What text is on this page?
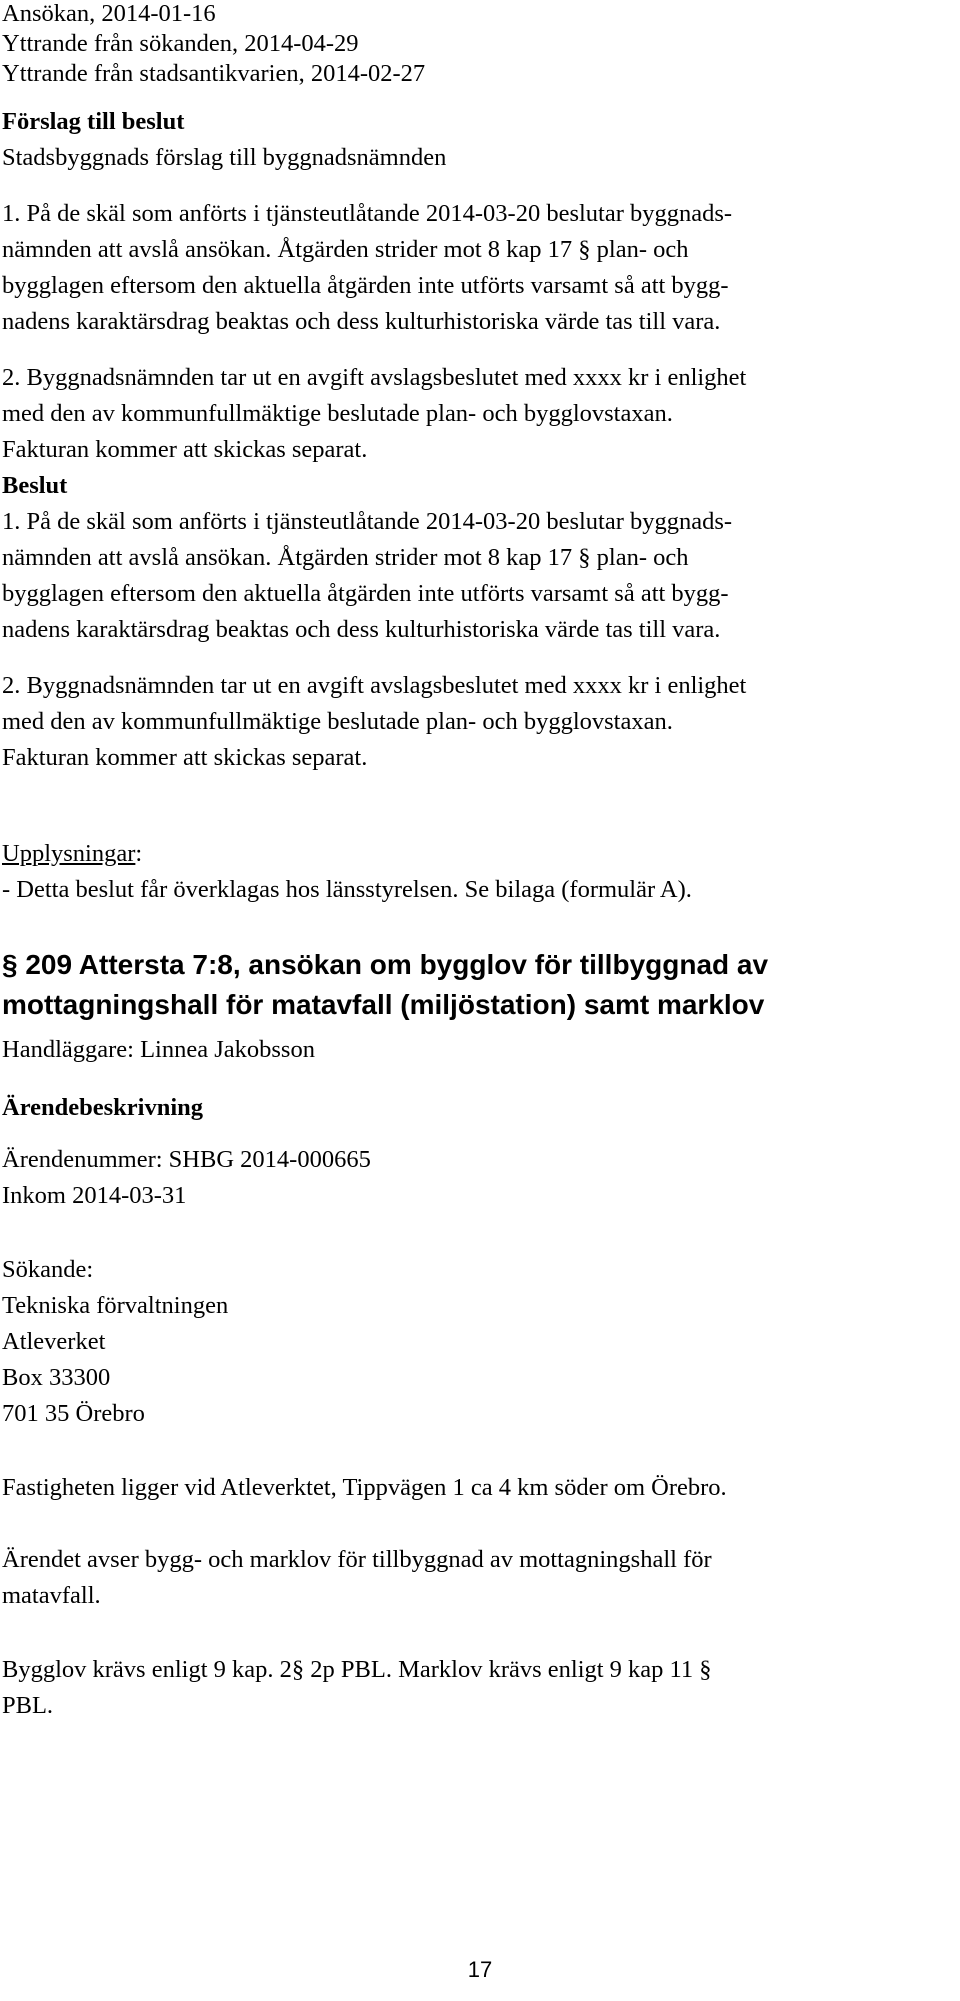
Ansökan, 2014-01-16
Yttrande från sökanden, 2014-04-29
Yttrande från stadsantikvarien, 2014-02-27
Förslag till beslut
Stadsbyggnads förslag till byggnadsnämnden
1. På de skäl som anförts i tjänsteutlåtande 2014-03-20 beslutar byggnads-
nämnden att avslå ansökan. Åtgärden strider mot 8 kap 17 § plan- och
bygglagen eftersom den aktuella åtgärden inte utförts varsamt så att bygg-
nadens karaktärsdrag beaktas och dess kulturhistoriska värde tas till vara.
2. Byggnadsnämnden tar ut en avgift avslagsbeslutet med xxxx kr i enlighet
med den av kommunfullmäktige beslutade plan- och bygglovstaxan.
Fakturan kommer att skickas separat.
Beslut
1. På de skäl som anförts i tjänsteutlåtande 2014-03-20 beslutar byggnads-
nämnden att avslå ansökan. Åtgärden strider mot 8 kap 17 § plan- och
bygglagen eftersom den aktuella åtgärden inte utförts varsamt så att bygg-
nadens karaktärsdrag beaktas och dess kulturhistoriska värde tas till vara.
2. Byggnadsnämnden tar ut en avgift avslagsbeslutet med xxxx kr i enlighet
med den av kommunfullmäktige beslutade plan- och bygglovstaxan.
Fakturan kommer att skickas separat.
Upplysningar:
- Detta beslut får överklagas hos länsstyrelsen. Se bilaga (formulär A).
§ 209 Attersta 7:8, ansökan om bygglov för tillbyggnad av
mottagningshall för matavfall (miljöstation) samt marklov
Handläggare: Linnea Jakobsson
Ärendebeskrivning
Ärendenummer: SHBG 2014-000665
Inkom 2014-03-31
Sökande:
Tekniska förvaltningen
Atleverket
Box 33300
701 35 Örebro
Fastigheten ligger vid Atleverktet, Tippvägen 1 ca 4 km söder om Örebro.
Ärendet avser bygg- och marklov för tillbyggnad av mottagningshall för
matavfall.
Bygglov krävs enligt 9 kap. 2§ 2p PBL. Marklov krävs enligt 9 kap 11 §
PBL.
17
